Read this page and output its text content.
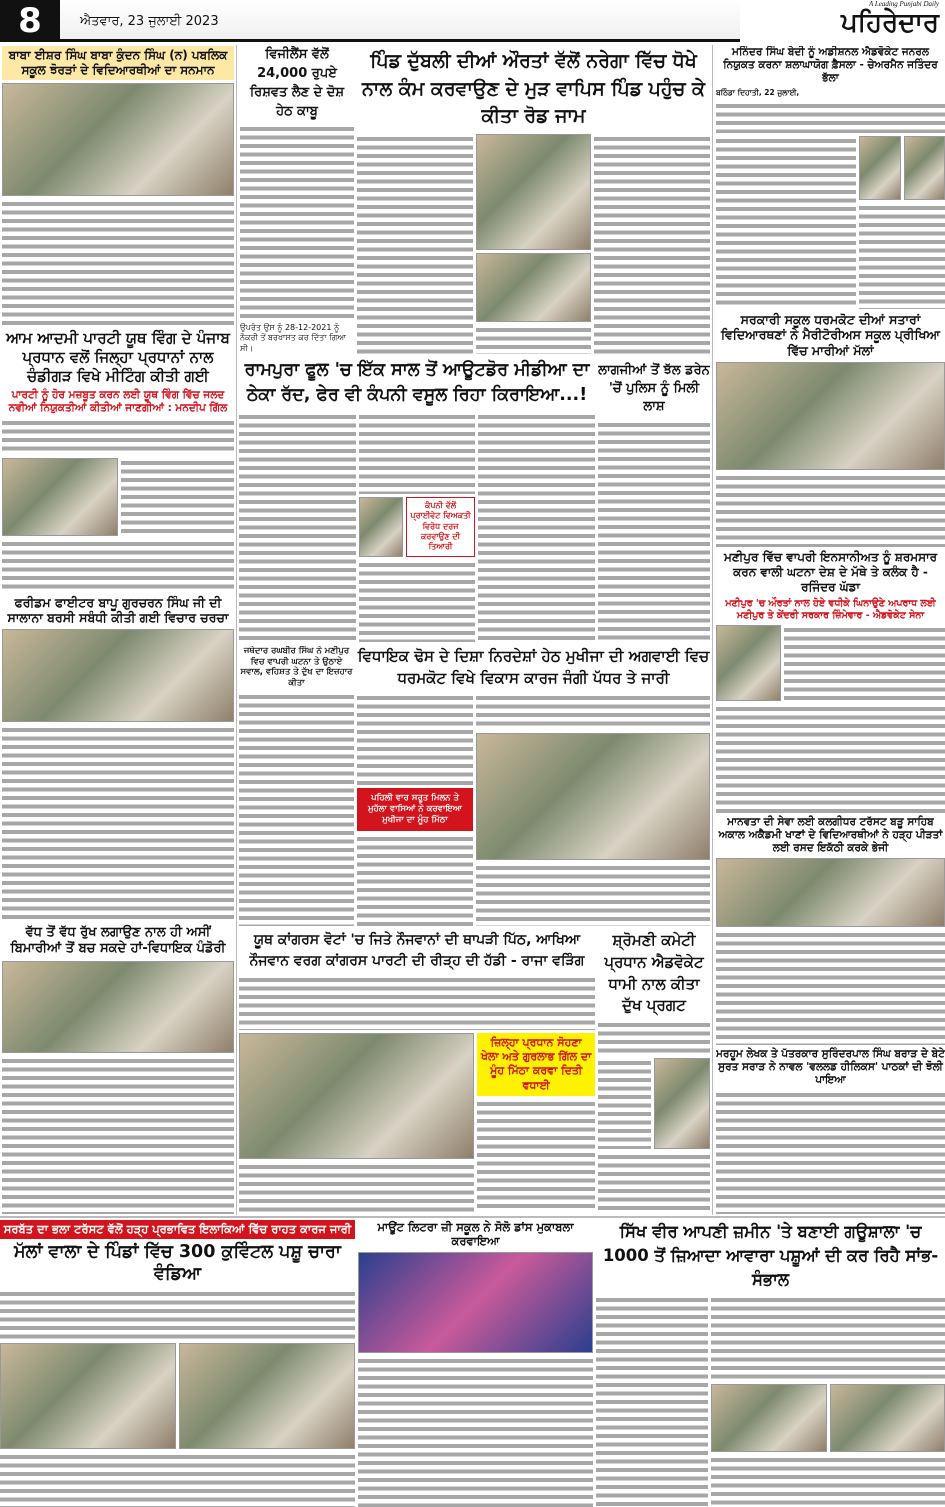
8	ਐਤਵਾਰ, 23 ਜੁਲਾਈ 2023
A Leading Punjabi Daily
ਪਹਿਰੇਦਾਰ
ਬਾਬਾ ਈਸ਼ਰ ਸਿੰਘ ਬਾਬਾ ਕੁੰਦਨ ਸਿੰਘ (ਨ) ਪਬਲਿਕ ਸਕੂਲ ਝੋਰੜਾਂ ਦੇ ਵਿਦਿਆਰਥੀਆਂ ਦਾ ਸਨਮਾਨ
ਆਮ ਆਦਮੀ ਪਾਰਟੀ ਯੂਥ ਵਿੰਗ ਦੇ ਪੰਜਾਬ ਪ੍ਰਧਾਨ ਵਲੋਂ ਜਿਲ੍ਹਾ ਪ੍ਰਧਾਨਾਂ ਨਾਲ ਚੰਡੀਗੜ ਵਿਖੇ ਮੀਟਿੰਗ ਕੀਤੀ ਗਈ
ਪਾਰਟੀ ਨੂੰ ਹੋਰ ਮਜ਼ਬੂਤ ਕਰਨ ਲਈ ਯੂਥ ਵਿੰਗ ਵਿੱਚ ਜਲਦ ਨਵੀਆਂ ਨਿਯੁਕਤੀਆਂ ਕੀਤੀਆਂ ਜਾਣਗੀਆਂ : ਮਨਦੀਪ ਗਿੱਲ
ਫਰੀਡਮ ਫਾਈਟਰ ਬਾਪੂ ਗੁਰਚਰਨ ਸਿੰਘ ਜੀ ਦੀ ਸਾਲਾਨਾ ਬਰਸੀ ਸਬੰਧੀ ਕੀਤੀ ਗਈ ਵਿਚਾਰ ਚਰਚਾ
ਵੱਧ ਤੋਂ ਵੱਧ ਰੁੱਖ ਲਗਾਉਣ ਨਾਲ ਹੀ ਅਸੀਂ ਬਿਮਾਰੀਆਂ ਤੋਂ ਬਚ ਸਕਦੇ ਹਾਂ-ਵਿਧਾਇਕ ਪੰਡੋਰੀ
ਵਿਜੀਲੈਂਸ ਵੱਲੋਂ 24,000 ਰੁਪਏ ਰਿਸ਼ਵਤ ਲੈਣ ਦੇ ਦੋਸ਼ ਹੇਠ ਕਾਬੂ
ਉਪਰੰਤ ਉਸ ਨੂੰ 28-12-2021 ਨੂੰ ਨੌਕਰੀ ਤੋਂ ਬਰਖਾਸਤ ਕਰ ਦਿੱਤਾ ਗਿਆ ਸੀ।
ਪਿੰਡ ਦੁੱਬਲੀ ਦੀਆਂ ਔਰਤਾਂ ਵੱਲੋਂ ਨਰੇਗਾ ਵਿੱਚ ਧੋਖੇ ਨਾਲ ਕੰਮ ਕਰਵਾਉਣ ਦੇ ਮੁੜ ਵਾਪਿਸ ਪਿੰਡ ਪਹੁੰਚ ਕੇ ਕੀਤਾ ਰੋਡ ਜਾਮ
ਰਾਮਪੁਰਾ ਫੂਲ 'ਚ ਇੱਕ ਸਾਲ ਤੋਂ ਆਊਟਡੋਰ ਮੀਡੀਆ ਦਾ ਠੇਕਾ ਰੱਦ, ਫੇਰ ਵੀ ਕੰਪਨੀ ਵਸੂਲ ਰਿਹਾ ਕਿਰਾਇਆ...!
ਕੰਪਨੀ ਵੱਲੋਂ ਪ੍ਰਾਈਵੇਟ ਵਿਅਕਤੀ ਵਿਰੋਧ ਦਰਜ ਕਰਵਾਉਣ ਦੀ ਤਿਆਰੀ
ਲਾਗਜੀਆਂ ਤੋਂ ਝੱਲ ਡਰੇਨ 'ਚੋਂ ਪੁਲਿਸ ਨੂੰ ਮਿਲੀ ਲਾਸ਼
ਜਥੇਦਾਰ ਰਘਬੀਰ ਸਿੰਘ ਨੇ ਮਣੀਪੁਰ ਵਿਚ ਵਾਪਰੀ ਘਟਨਾ ਤੇ ਉਠਾਏ ਸਵਾਲ, ਵਹਿਸ਼ਤ ਤੇ ਦੁੱਖ ਦਾ ਇਜ਼ਹਾਰ ਕੀਤਾ
ਵਿਧਾਇਕ ਢੋਸ ਦੇ ਦਿਸ਼ਾ ਨਿਰਦੇਸ਼ਾਂ ਹੇਠ ਮੁਖੀਜਾ ਦੀ ਅਗਵਾਈ ਵਿਚ ਧਰਮਕੋਟ ਵਿਖੇ ਵਿਕਾਸ ਕਾਰਜ ਜੰਗੀ ਪੱਧਰ ਤੇ ਜਾਰੀ
ਪਹਿਲੀ ਵਾਰ ਸਰੂਤ ਮਿਲਨ ਤੇ ਮੁਹੱਲਾ ਵਾਸਿਆਂ ਨੇ ਕਰਵਾਇਆ ਮੁਖੀਜਾ ਦਾ ਮੂੰਹ ਮਿੱਠਾ
ਯੂਥ ਕਾਂਗਰਸ ਵੋਟਾਂ 'ਚ ਜਿਤੇ ਨੌਜਵਾਨਾਂ ਦੀ ਥਾਪੜੀ ਪਿੱਠ, ਆਖਿਆ ਨੌਜਵਾਨ ਵਰਗ ਕਾਂਗਰਸ ਪਾਰਟੀ ਦੀ ਰੀੜ੍ਹ ਦੀ ਹੱਡੀ - ਰਾਜਾ ਵੜਿੰਗ
ਜ਼ਿਲ੍ਹਾ ਪ੍ਰਧਾਨ ਸੋਹਣਾ ਖੇਲਾ ਅਤੇ ਗੁਰਲਾਭ ਗਿੱਲ ਦਾ ਮੂੰਹ ਮਿੱਠਾ ਕਰਵਾ ਦਿਤੀ ਵਧਾਈ
ਸ਼੍ਰੋਮਣੀ ਕਮੇਟੀ ਪ੍ਰਧਾਨ ਐਡਵੋਕੇਟ ਧਾਮੀ ਨਾਲ ਕੀਤਾ ਦੁੱਖ ਪ੍ਰਗਟ
ਮਨਿੰਦਰ ਸਿੰਘ ਬੇਦੀ ਨੂੰ ਅਡੀਸ਼ਨਲ ਐਡਵੋਕੇਟ ਜਨਰਲ ਨਿਯੁਕਤ ਕਰਨਾ ਸ਼ਲਾਘਾਯੋਗ ਫ਼ੈਸਲਾ - ਚੇਅਰਮੈਨ ਜਤਿੰਦਰ ਭੱਲਾ
ਬਠਿੰਡਾ ਦਿਹਾਤੀ, 22 ਜੁਲਾਈ,
ਸਰਕਾਰੀ ਸਕੂਲ ਧਰਮਕੋਟ ਦੀਆਂ ਸਤਾਰਾਂ ਵਿਦਿਆਰਥਣਾਂ ਨੇ ਮੈਰੀਟੋਰੀਅਸ ਸਕੂਲ ਪ੍ਰੀਖਿਆ ਵਿੱਚ ਮਾਰੀਆਂ ਮੱਲਾਂ
ਮਣੀਪੁਰ ਵਿੱਚ ਵਾਪਰੀ ਇਨਸਾਨੀਅਤ ਨੂੰ ਸ਼ਰਮਸਾਰ ਕਰਨ ਵਾਲੀ ਘਟਨਾ ਦੇਸ਼ ਦੇ ਮੱਥੇ ਤੇ ਕਲੰਕ ਹੈ - ਰਜਿੰਦਰ ਘੱਡਾ
ਮਣੀਪੁਰ 'ਚ ਔਰਤਾਂ ਨਾਲ ਹੋਏ ਵਧੀਕੇ ਘਿਨਾਉਣੇ ਅਪਰਾਧ ਲਈ ਮਣੀਪੁਰ ਤੇ ਕੇਂਦਰੀ ਸਰਕਾਰ ਜ਼ਿੰਮੇਵਾਰ - ਐਡਵੋਕੇਟ ਸੇਨਾ
ਮਾਨਵਤਾ ਦੀ ਸੇਵਾ ਲਈ ਕਲਗੀਧਰ ਟਰੱਸਟ ਬੜੂ ਸਾਹਿਬ ਅਕਾਲ ਅਕੈਡਮੀ ਖਾਣਾਂ ਦੇ ਵਿਦਿਆਰਥੀਆਂ ਨੇ ਹੜ੍ਹ ਪੀੜਤਾਂ ਲਈ ਰਸਦ ਇਕੱਠੀ ਕਰਕੇ ਭੇਜੀ
ਮਰਹੂਮ ਲੇਖਕ ਤੇ ਪੱਤਰਕਾਰ ਸੁਰਿੰਦਰਪਾਲ ਸਿੰਘ ਬਰਾੜ ਦੇ ਬੇਟੇ ਸੁਰਤ ਸਰਾੜ ਨੇ ਨਾਵਲ 'ਵਲਲਡ ਹੀਲਿਕਸ' ਪਾਠਕਾਂ ਦੀ ਝੋਲੀ ਪਾਇਆ
ਸਰਬੱਤ ਦਾ ਭਲਾ ਟਰੱਸਟ ਵੱਲੋਂ ਹੜ੍ਹ ਪ੍ਰਭਾਵਿਤ ਇਲਾਕਿਆਂ ਵਿੱਚ ਰਾਹਤ ਕਾਰਜ ਜਾਰੀ
ਮੱਲਾਂ ਵਾਲਾ ਦੇ ਪਿੰਡਾਂ ਵਿੱਚ 300 ਕੁਵਿੰਟਲ ਪਸ਼ੂ ਚਾਰਾ ਵੰਡਿਆ
ਮਾਊਂਟ ਲਿਟਰਾ ਜ਼ੀ ਸਕੂਲ ਨੇ ਸੋਲੋ ਡਾਂਸ ਮੁਕਾਬਲਾ ਕਰਵਾਇਆ
ਸਿੱਖ ਵੀਰ ਆਪਣੀ ਜ਼ਮੀਨ 'ਤੇ ਬਣਾਈ ਗਊਸ਼ਾਲਾ 'ਚ 1000 ਤੋਂ ਜ਼ਿਆਦਾ ਆਵਾਰਾ ਪਸ਼ੂਆਂ ਦੀ ਕਰ ਰਿਹੈ ਸਾਂਭ-ਸੰਭਾਲ
